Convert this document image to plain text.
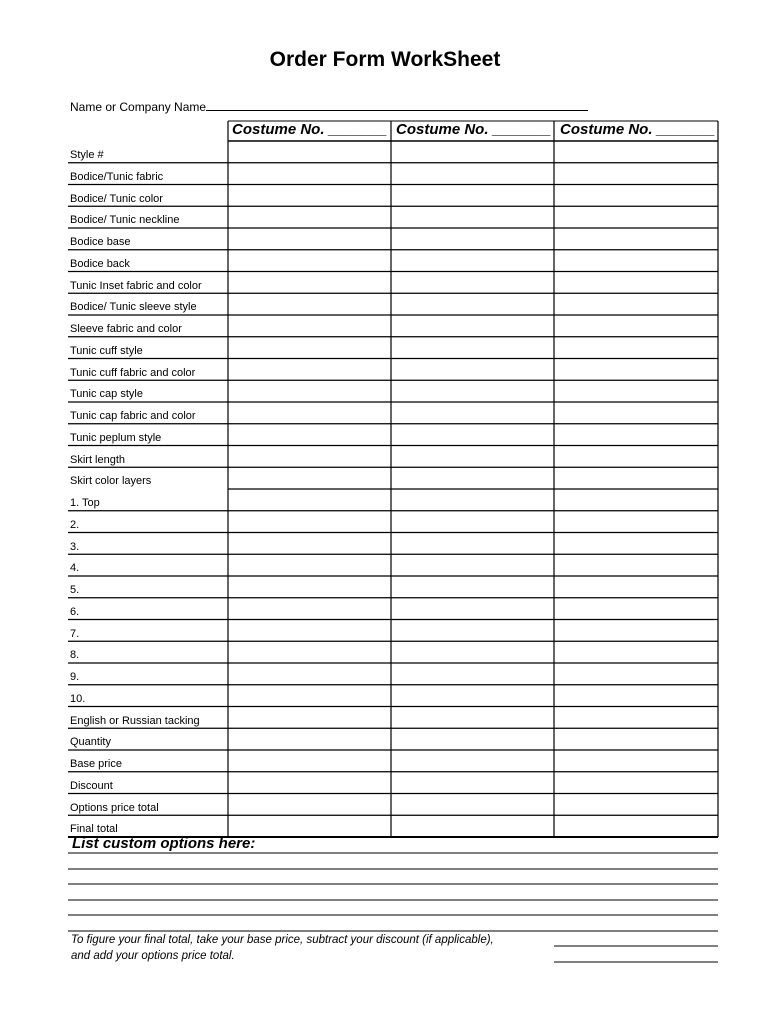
Order Form WorkSheet
Name or Company Name
Costume No. _______ Costume No. _______ Costume No. _______
Style #
Bodice/Tunic fabric
Bodice/ Tunic color
Bodice/ Tunic neckline
Bodice base
Bodice back
Tunic Inset fabric and color
Bodice/ Tunic sleeve style
Sleeve fabric and color
Tunic cuff style
Tunic cuff fabric and color
Tunic cap style
Tunic cap fabric and color
Tunic peplum style
Skirt length
Skirt color layers
1. Top
2.
3.
4.
5.
6.
7.
8.
9.
10.
English or Russian tacking
Quantity
Base price
Discount
Options price total
Final total
List custom options here:
To figure your final total, take your base price, subtract your discount (if applicable),
and add your options price total.
